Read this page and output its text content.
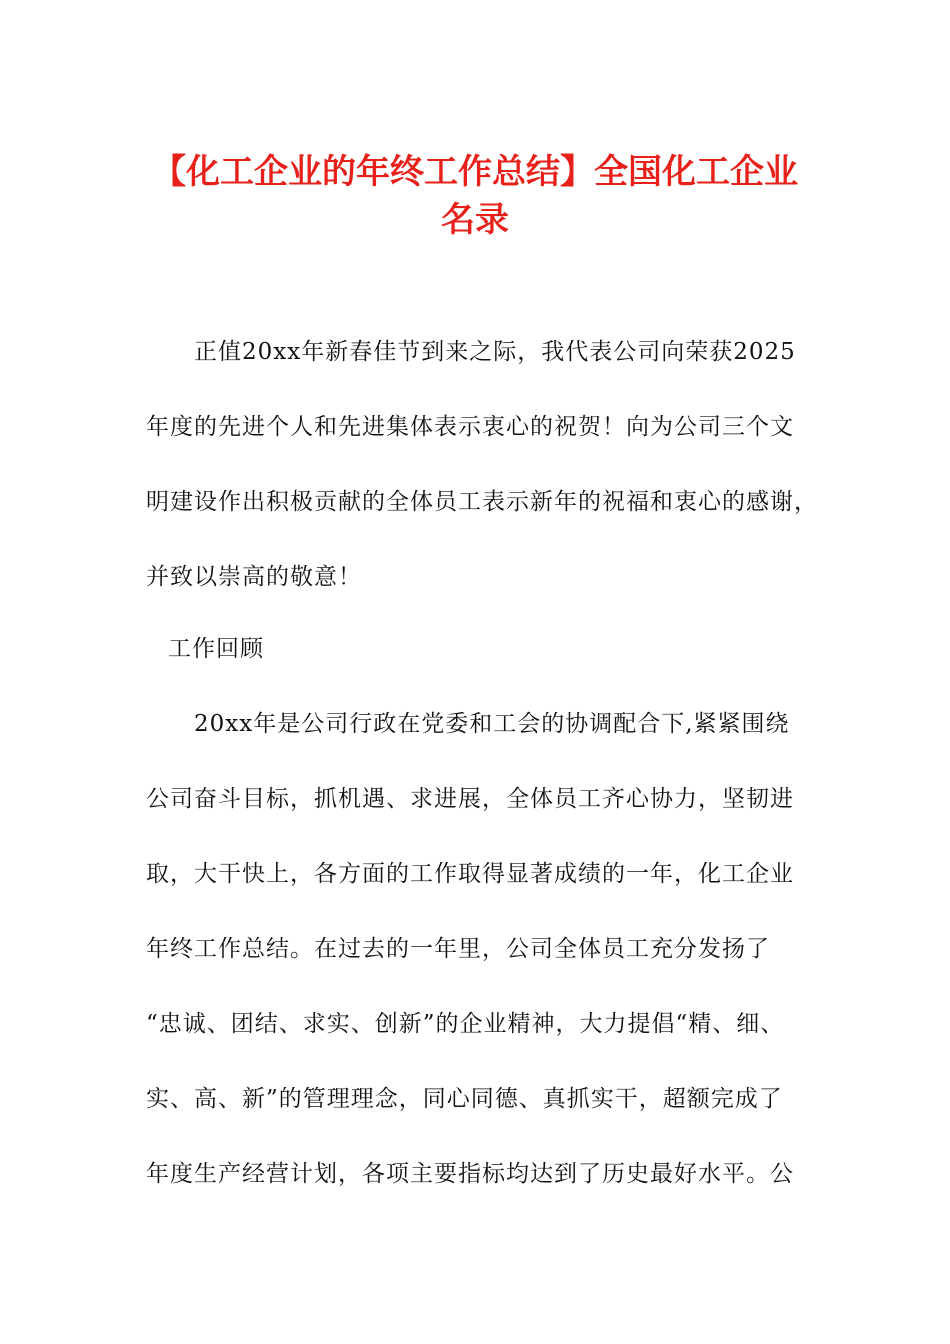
【化工企业的年终工作总结】全国化工企业
名录

正值20xx年新春佳节到来之际，我代表公司向荣获2025

年度的先进个人和先进集体表示衷心的祝贺！向为公司三个文

明建设作出积极贡献的全体员工表示新年的祝福和衷心的感谢，

并致以崇高的敬意！

工作回顾

20xx年是公司行政在党委和工会的协调配合下,紧紧围绕

公司奋斗目标，抓机遇、求进展，全体员工齐心协力，坚韧进

取，大干快上，各方面的工作取得显著成绩的一年，化工企业

年终工作总结。在过去的一年里，公司全体员工充分发扬了

“忠诚、团结、求实、创新”的企业精神，大力提倡“精、细、

实、高、新”的管理理念，同心同德、真抓实干，超额完成了

年度生产经营计划，各项主要指标均达到了历史最好水平。公
